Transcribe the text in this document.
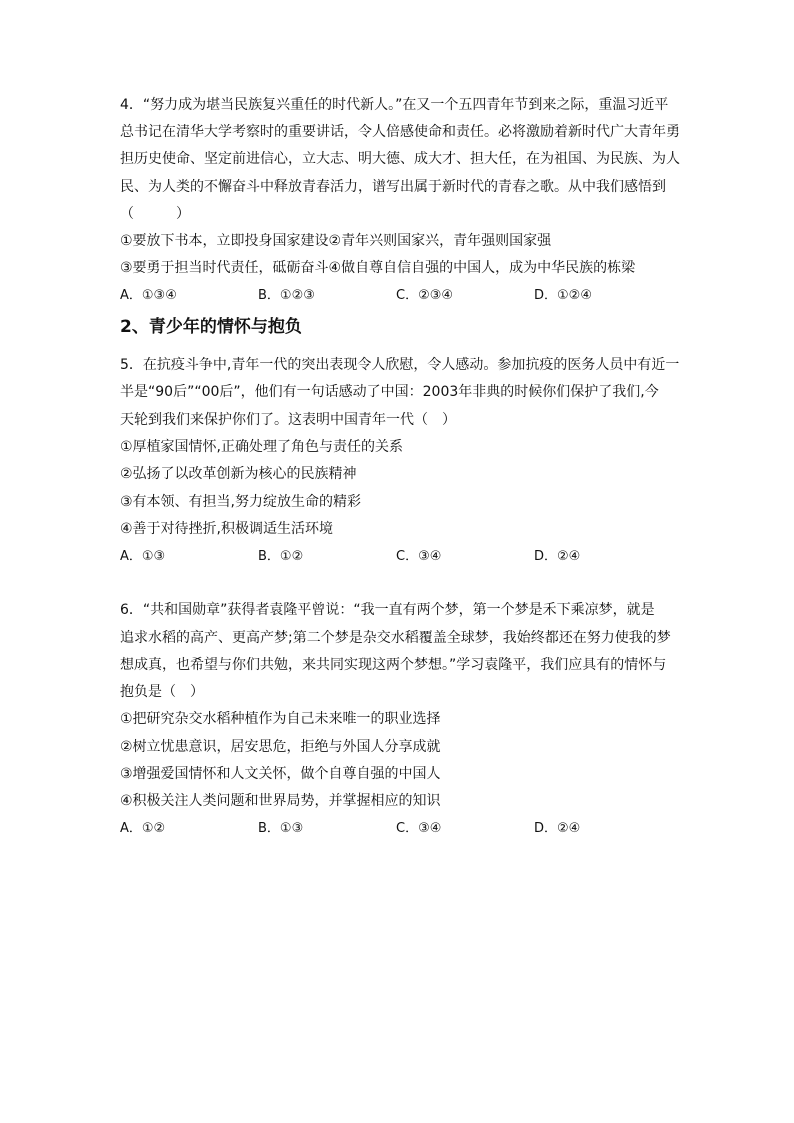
4．“努力成为堪当民族复兴重任的时代新人。”在又一个五四青年节到来之际，重温习近平
总书记在清华大学考察时的重要讲话，令人倍感使命和责任。必将激励着新时代广大青年勇
担历史使命、坚定前进信心，立大志、明大德、成大才、担大任，在为祖国、为民族、为人
民、为人类的不懈奋斗中释放青春活力，谱写出属于新时代的青春之歌。从中我们感悟到
（　　　）
①要放下书本，立即投身国家建设②青年兴则国家兴，青年强则国家强
③要勇于担当时代责任，砥砺奋斗④做自尊自信自强的中国人，成为中华民族的栋梁
A．①③④	B．①②③	C．②③④	D．①②④
2、青少年的情怀与抱负
5．在抗疫斗争中,青年一代的突出表现令人欣慰，令人感动。参加抗疫的医务人员中有近一
半是“90后”“00后”，他们有一句话感动了中国：2003年非典的时候你们保护了我们,今
天轮到我们来保护你们了。这表明中国青年一代（　）
①厚植家国情怀,正确处理了角色与责任的关系
②弘扬了以改革创新为核心的民族精神
③有本领、有担当,努力绽放生命的精彩
④善于对待挫折,积极调适生活环境
A．①③	B．①②	C．③④	D．②④
6．“共和国勋章”获得者袁隆平曾说：“我一直有两个梦，第一个梦是禾下乘凉梦，就是
追求水稻的高产、更高产梦;第二个梦是杂交水稻覆盖全球梦，我始终都还在努力使我的梦
想成真，也希望与你们共勉，来共同实现这两个梦想。”学习袁隆平，我们应具有的情怀与
抱负是（　）
①把研究杂交水稻种植作为自己未来唯一的职业选择
②树立忧患意识，居安思危，拒绝与外国人分享成就
③增强爱国情怀和人文关怀，做个自尊自强的中国人
④积极关注人类问题和世界局势，并掌握相应的知识
A．①②	B．①③	C．③④	D．②④
